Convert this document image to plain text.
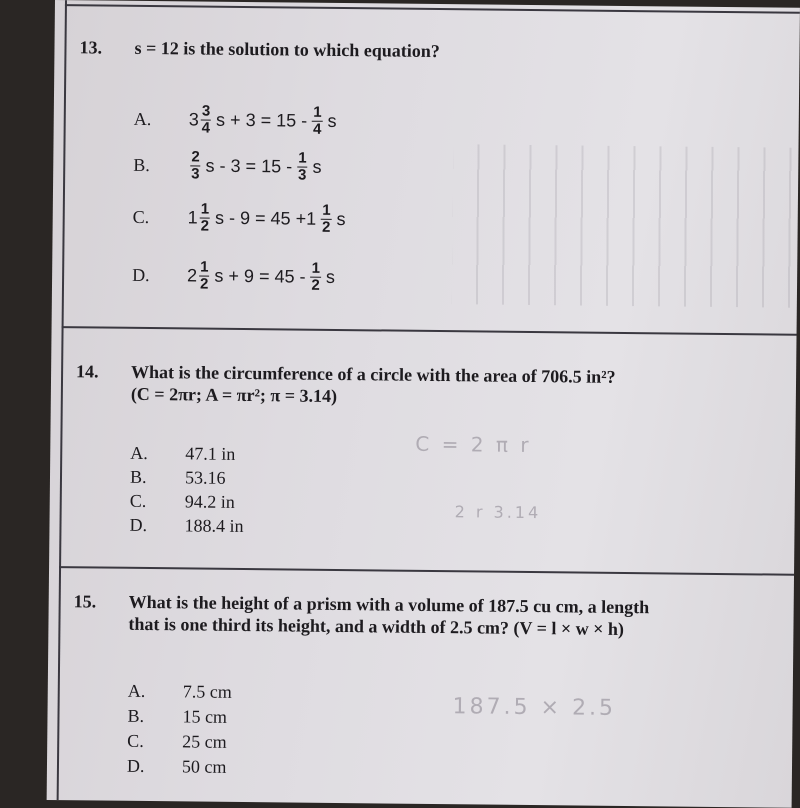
13. s = 12 is the solution to which equation?
A.	$3 \frac{3}{4}$ $s + 3 = 15 - \frac{1}{4}$ s
B.	$\frac{2}{3}$ $s - 3 = 15 - \frac{1}{3}$ s
C.	$1 \frac{1}{2}$ $s - 9 = 45 +1 \frac{1}{2}$ s
D.	$2 \frac{1}{2}$ $s + 9 = 45 - \frac{1}{2}$ s
14. What is the circumference of a circle with the area of 706.5 in²?
(C = 2πr; A = πr²; π = 3.14)
A. 47.1 in
B. 53.16
C. 94.2 in
D. 188.4 in
C = 2 π r
2 r 3.14
15. What is the height of a prism with a volume of 187.5 cu cm, a length
that is one third its height, and a width of 2.5 cm? (V = l × w × h)
A. 7.5 cm
B. 15 cm
C. 25 cm
D. 50 cm
187.5 × 2.5
